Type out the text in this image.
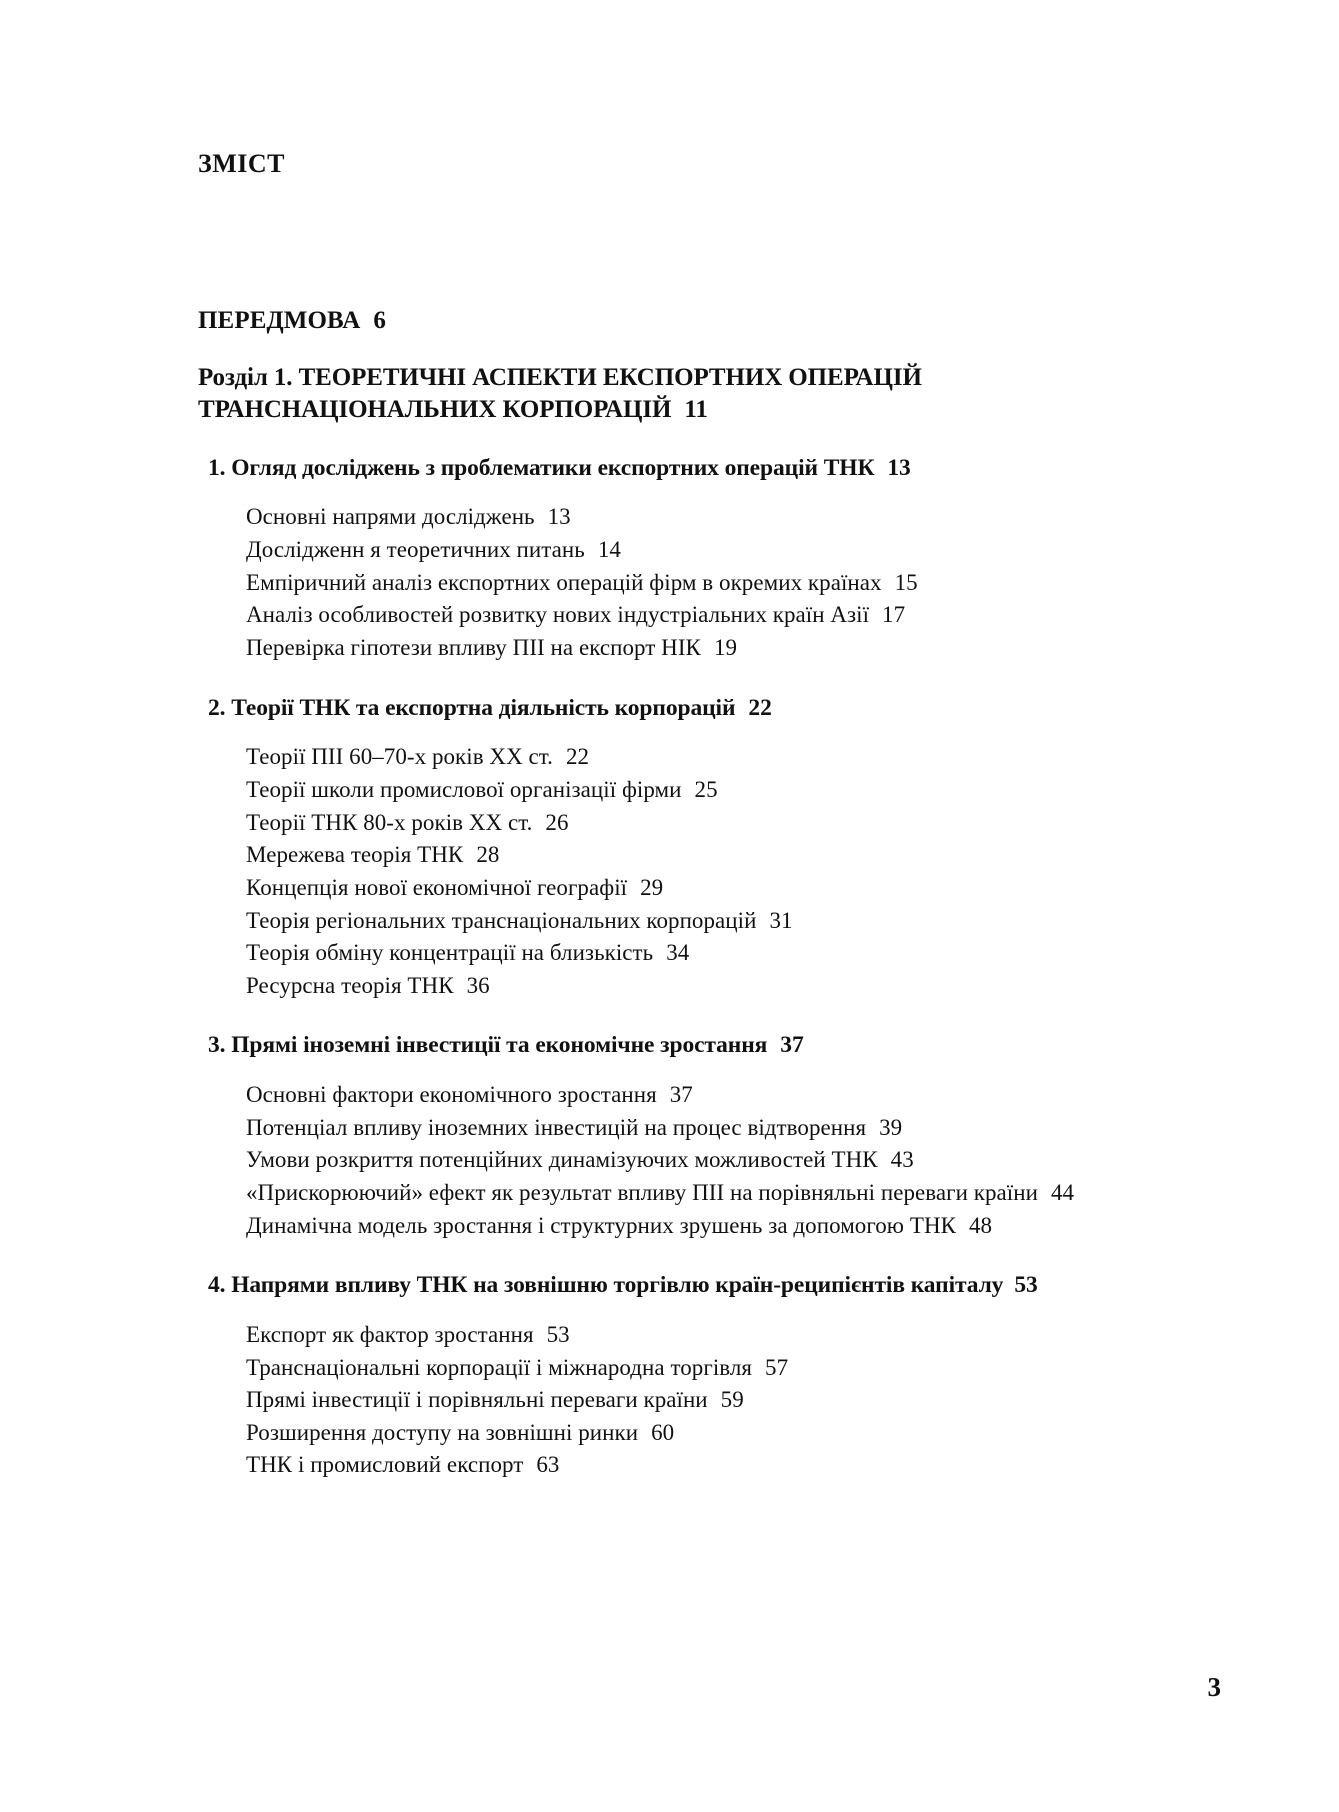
ЗМІСТ
ПЕРЕДМОВА 6
Розділ 1. ТЕОРЕТИЧНІ АСПЕКТИ ЕКСПОРТНИХ ОПЕРАЦІЙ ТРАНСНАЦІОНАЛЬНИХ КОРПОРАЦІЙ 11
1. Огляд досліджень з проблематики експортних операцій ТНК 13
Основні напрями досліджень 13
Дослідженн я теоретичних питань 14
Емпіричний аналіз експортних операцій фірм в окремих країнах 15
Аналіз особливостей розвитку нових індустріальних країн Азії 17
Перевірка гіпотези впливу ПІІ на експорт НІК 19
2. Теорії ТНК та експортна діяльність корпорацій 22
Теорії ПІІ 60–70-х років ХХ ст. 22
Теорії школи промислової організації фірми 25
Теорії ТНК 80-х років ХХ ст. 26
Мережева теорія ТНК 28
Концепція нової економічної географії 29
Теорія регіональних транснаціональних корпорацій 31
Теорія обміну концентрації на близькість 34
Ресурсна теорія ТНК 36
3. Прямі іноземні інвестиції та економічне зростання 37
Основні фактори економічного зростання 37
Потенціал впливу іноземних інвестицій на процес відтворення 39
Умови розкриття потенційних динамізуючих можливостей ТНК 43
«Прискорюючий» ефект як результат впливу ПІІ на порівняльні переваги країни 44
Динамічна модель зростання і структурних зрушень за допомогою ТНК 48
4. Напрями впливу ТНК на зовнішню торгівлю країн-реципієнтів капіталу 53
Експорт як фактор зростання 53
Транснаціональні корпорації і міжнародна торгівля 57
Прямі інвестиції і порівняльні переваги країни 59
Розширення доступу на зовнішні ринки 60
ТНК і промисловий експорт 63
3
